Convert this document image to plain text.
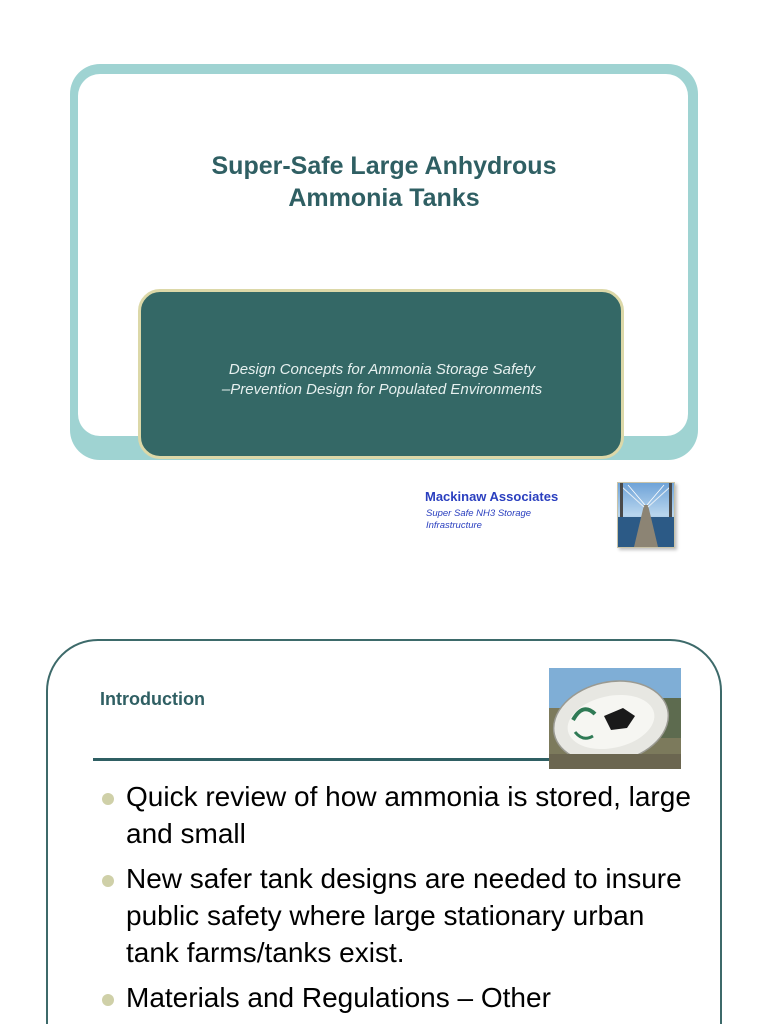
Super-Safe Large Anhydrous
Ammonia Tanks
Design Concepts for Ammonia Storage Safety
–Prevention Design for Populated Environments
Mackinaw Associates
Super Safe NH3 Storage Infrastructure
Introduction
Quick review of how ammonia is stored, large and small
New safer tank designs are needed to insure public safety where large stationary urban tank farms/tanks exist.
Materials and Regulations – Other
